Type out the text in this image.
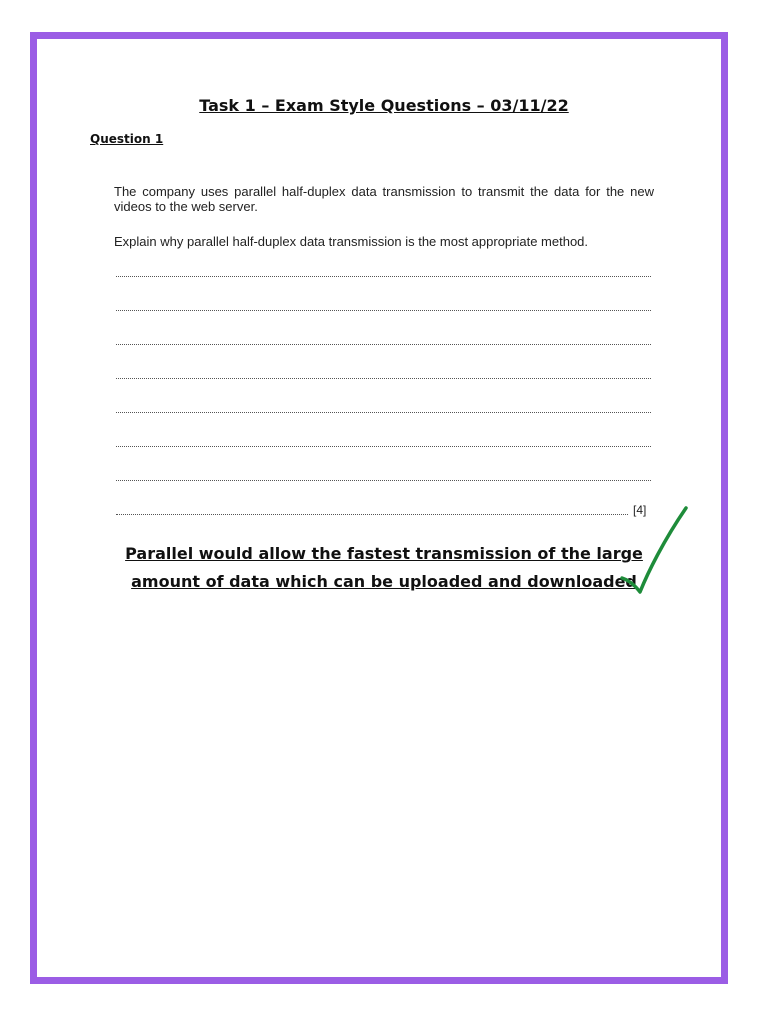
Task 1 – Exam Style Questions – 03/11/22
Question 1
The company uses parallel half-duplex data transmission to transmit the data for the new videos to the web server.
Explain why parallel half-duplex data transmission is the most appropriate method.
[4]
Parallel would allow the fastest transmission of the large amount of data which can be uploaded and downloaded
